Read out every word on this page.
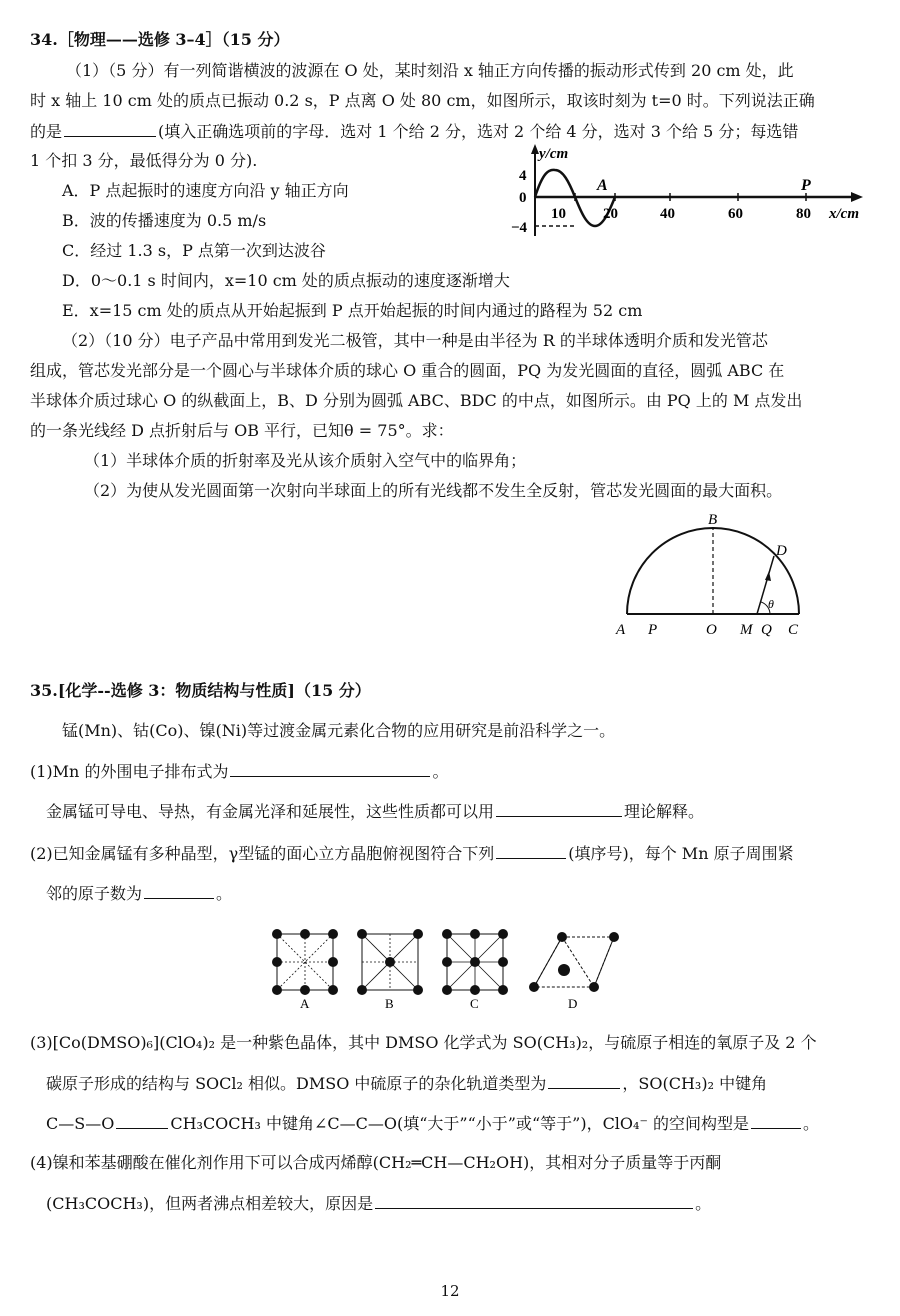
34.［物理——选修 3–4］（15 分）
（1）（5 分）有一列简谐横波的波源在 O 处，某时刻沿 x 轴正方向传播的振动形式传到 20 cm 处，此
时 x 轴上 10 cm 处的质点已振动 0.2 s，P 点离 O 处 80 cm，如图所示，取该时刻为 t=0 时。下列说法正确
的是	(填入正确选项前的字母．选对 1 个给 2 分，选对 2 个给 4 分，选对 3 个给 5 分；每选错
1 个扣 3 分，最低得分为 0 分).
A．P 点起振时的速度方向沿 y 轴正方向
B．波的传播速度为 0.5 m/s
C．经过 1.3 s，P 点第一次到达波谷
D．0～0.1 s 时间内，x=10 cm 处的质点振动的速度逐渐增大
E．x=15 cm 处的质点从开始起振到 P 点开始起振的时间内通过的路程为 52 cm
y/cm
4
0
−4
10 20	40	60	80 x/cm
A	P
（2）（10 分）电子产品中常用到发光二极管，其中一种是由半径为 R 的半球体透明介质和发光管芯
组成，管芯发光部分是一个圆心与半球体介质的球心 O 重合的圆面，PQ 为发光圆面的直径，圆弧 ABC 在
半球体介质过球心 O 的纵截面上，B、D 分别为圆弧 ABC、BDC 的中点，如图所示。由 PQ 上的 M 点发出
的一条光线经 D 点折射后与 OB 平行，已知θ = 75°。求：
（1）半球体介质的折射率及光从该介质射入空气中的临界角；
（2）为使从发光圆面第一次射向半球面上的所有光线都不发生全反射，管芯发光圆面的最大面积。
B
D
θ
A P	O M Q C
35.[化学--选修 3：物质结构与性质]（15 分）
锰(Mn)、钴(Co)、镍(Ni)等过渡金属元素化合物的应用研究是前沿科学之一。
(1)Mn 的外围电子排布式为	。
金属锰可导电、导热，有金属光泽和延展性，这些性质都可以用	理论解释。
(2)已知金属锰有多种晶型，γ型锰的面心立方晶胞俯视图符合下列	(填序号)，每个 Mn 原子周围紧
邻的原子数为	。
A	B	C	D
(3)[Co(DMSO)₆](ClO₄)₂ 是一种紫色晶体，其中 DMSO 化学式为 SO(CH₃)₂，与硫原子相连的氧原子及 2 个
碳原子形成的结构与 SOCl₂ 相似。DMSO 中硫原子的杂化轨道类型为	，SO(CH₃)₂ 中键角
C—S—O	CH₃COCH₃ 中键角∠C—C—O(填“大于”“小于”或“等于”)，ClO₄⁻ 的空间构型是	。
(4)镍和苯基硼酸在催化剂作用下可以合成丙烯醇(CH₂═CH—CH₂OH)，其相对分子质量等于丙酮
(CH₃COCH₃)，但两者沸点相差较大，原因是	。
12
